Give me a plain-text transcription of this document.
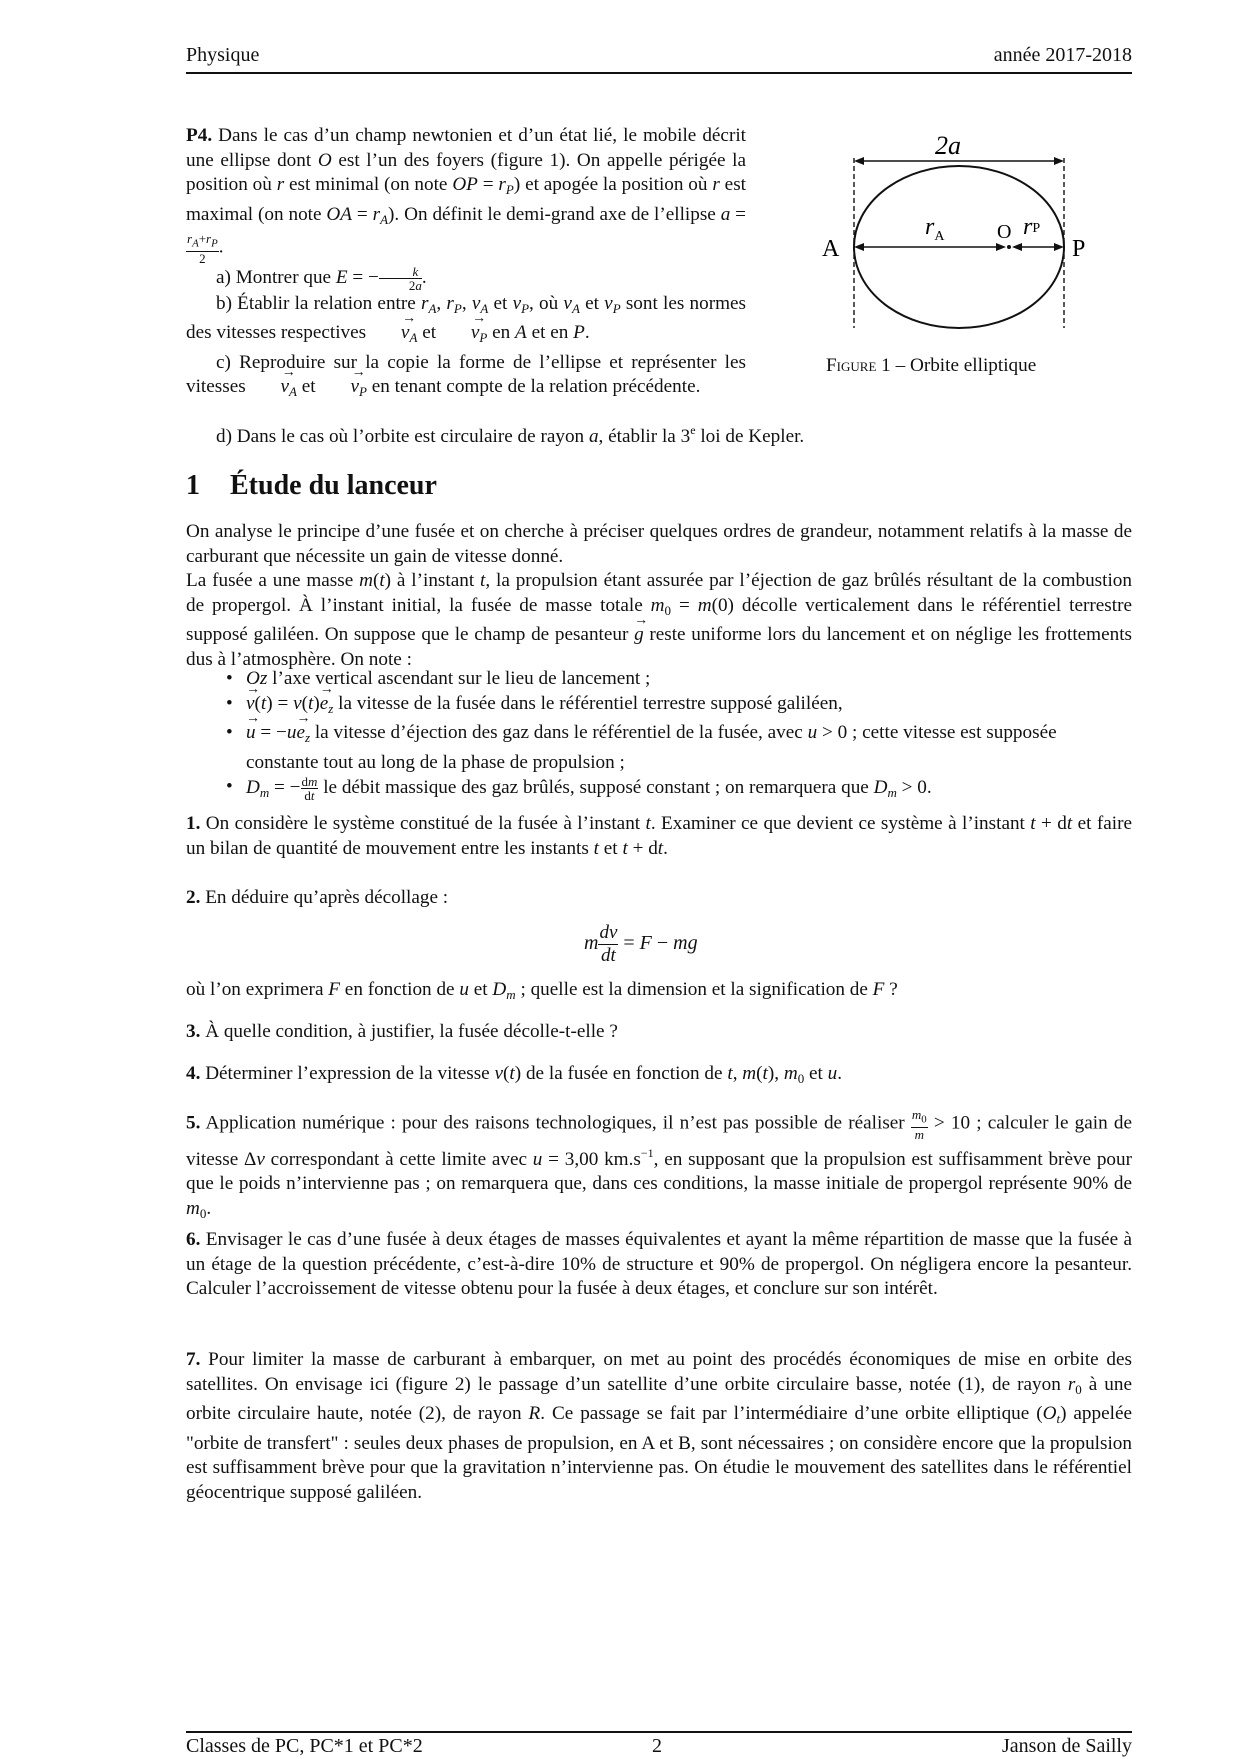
Physique	année 2017-2018
P4. Dans le cas d’un champ newtonien et d’un état lié, le mobile décrit une ellipse dont O est l’un des foyers (figure 1). On appelle périgée la position où r est minimal (on note OP = $r_P$) et apogée la position où r est maximal (on note OA = $r_A$). On définit le demi-grand axe de l’ellipse a =
$\frac{r_A+r_P}{2}$ .
a) Montrer que E = − $\frac{k}{2a}$ .
b) Établir la relation entre $r_A$, $r_P$, $v_A$ et $v_P$, où $v_A$ et $v_P$ sont les normes des vitesses respectives → $v_A$ et → $v_P$ en A et en P.
c) Reproduire sur la copie la forme de l’ellipse et représenter les vitesses → $v_A$ et → $v_P$ en tenant compte de la relation précédente.
d) Dans le cas où l’orbite est circulaire de rayon a, établir la 3e loi de Kepler.
2a
A	P
O
$r_A$	rP
Figure 1 – Orbite elliptique
1 Étude du lanceur
On analyse le principe d’une fusée et on cherche à préciser quelques ordres de grandeur, notamment relatifs à la masse de carburant que nécessite un gain de vitesse donné.
La fusée a une masse m(t) à l’instant t, la propulsion étant assurée par l’éjection de gaz brûlés résultant de la combustion de propergol. À l’instant initial, la fusée de masse totale $m_0 = m(0)$ décolle verticalement dans le référentiel terrestre supposé galiléen. On suppose que le champ de pesanteur → g reste uniforme lors du lancement et on néglige les frottements dus à l’atmosphère. On note :
• Oz l’axe vertical ascendant sur le lieu de lancement ;
• → $v(t) = v(t)\to e_z$ la vitesse de la fusée dans le référentiel terrestre supposé galiléen,
• → $u = -u\to e_z$ la vitesse d’éjection des gaz dans le référentiel de la fusée, avec u > 0 ; cette vitesse est supposée constante tout au long de la phase de propulsion ;
• $D_m$ = − $\frac{dm}{dt}$ le débit massique des gaz brûlés, supposé constant ; on remarquera que $D_m > 0$.
1. On considère le système constitué de la fusée à l’instant t. Examiner ce que devient ce système à l’instant t + dt et faire un bilan de quantité de mouvement entre les instants t et t + dt.
2. En déduire qu’après décollage :
m $\frac{dv}{dt} = F$ − mg
où l’on exprimera F en fonction de u et $D_m$ ; quelle est la dimension et la signification de F ?
3. À quelle condition, à justifier, la fusée décolle-t-elle ?
4. Déterminer l’expression de la vitesse v(t) de la fusée en fonction de t, m(t), $m_0$ et u.
5. Application numérique : pour des raisons technologiques, il n’est pas possible de réaliser $\frac{m_0}{m} > 10$ ; calculer le gain de vitesse Δv correspondant à cette limite avec u = 3,00 $km.s^{-1}$, en supposant que la propulsion est suffisamment brève pour que le poids n’intervienne pas ; on remarquera que, dans ces conditions, la masse initiale de propergol représente 90% de $m_0$.
6. Envisager le cas d’une fusée à deux étages de masses équivalentes et ayant la même répartition de masse que la fusée à un étage de la question précédente, c’est-à-dire 10% de structure et 90% de propergol. On négligera encore la pesanteur. Calculer l’accroissement de vitesse obtenu pour la fusée à deux étages, et conclure sur son intérêt.
7. Pour limiter la masse de carburant à embarquer, on met au point des procédés économiques de mise en orbite des satellites. On envisage ici (figure 2) le passage d’un satellite d’une orbite circulaire basse, notée (1), de rayon $r_0$ à une orbite circulaire haute, notée (2), de rayon R. Ce passage se fait par l’intermédiaire d’une orbite elliptique $(O_t)$ appelée "orbite de transfert" : seules deux phases de propulsion, en A et B, sont nécessaires ; on considère encore que la propulsion est suffisamment brève pour que la gravitation n’intervienne pas. On étudie le mouvement des satellites dans le référentiel géocentrique supposé galiléen.
Classes de PC, PC*1 et PC*2	2	Janson de Sailly
